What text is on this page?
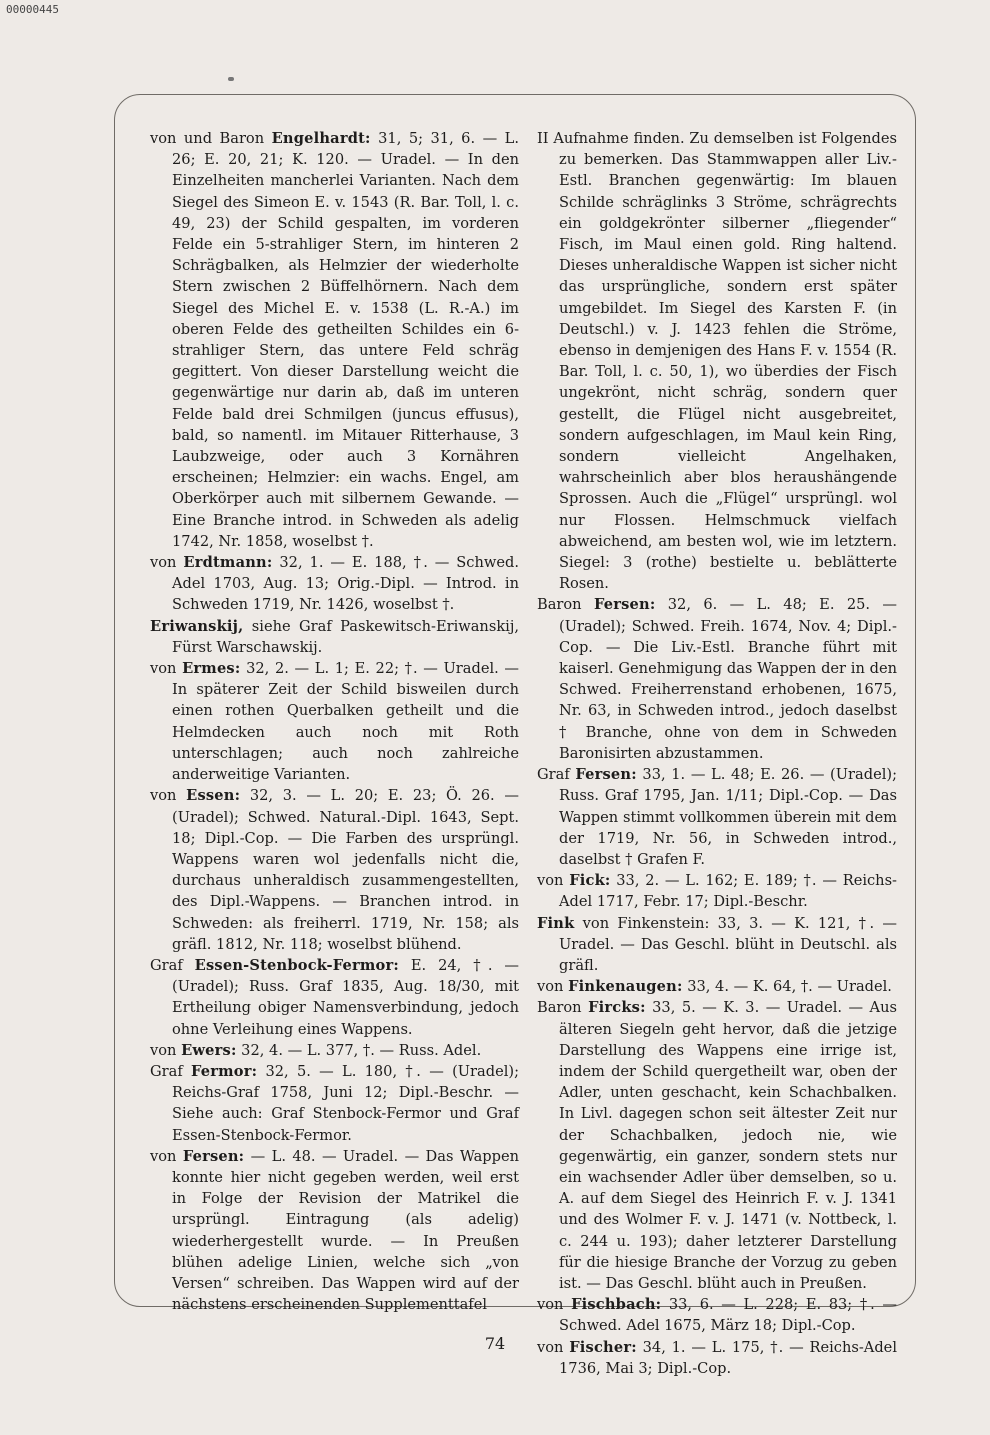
00000445

von und Baron Engelhardt: 31, 5; 31, 6. — L. 26; E. 20, 21; K. 120. — Uradel. — In den Einzelheiten mancherlei Varianten. Nach dem Siegel des Simeon E. v. 1543 (R. Bar. Toll, l. c. 49, 23) der Schild gespalten, im vorderen Felde ein 5-strahliger Stern, im hinteren 2 Schrägbalken, als Helmzier der wiederholte Stern zwischen 2 Büffelhörnern. Nach dem Siegel des Michel E. v. 1538 (L. R.-A.) im oberen Felde des getheilten Schildes ein 6-strahliger Stern, das untere Feld schräg gegittert. Von dieser Darstellung weicht die gegenwärtige nur darin ab, daß im unteren Felde bald drei Schmilgen (juncus effusus), bald, so namentl. im Mitauer Ritterhause, 3 Laubzweige, oder auch 3 Kornähren erscheinen; Helmzier: ein wachs. Engel, am Oberkörper auch mit silbernem Gewande. — Eine Branche introd. in Schweden als adelig 1742, Nr. 1858, woselbst †.

von Erdtmann: 32, 1. — E. 188, †. — Schwed. Adel 1703, Aug. 13; Orig.-Dipl. — Introd. in Schweden 1719, Nr. 1426, woselbst †.

Eriwanskij, siehe Graf Paskewitsch-Eriwanskij, Fürst Warschawskij.

von Ermes: 32, 2. — L. 1; E. 22; †. — Uradel. — In späterer Zeit der Schild bisweilen durch einen rothen Querbalken getheilt und die Helmdecken auch noch mit Roth unterschlagen; auch noch zahlreiche anderweitige Varianten.

von Essen: 32, 3. — L. 20; E. 23; Ö. 26. — (Uradel); Schwed. Natural.-Dipl. 1643, Sept. 18; Dipl.-Cop. — Die Farben des ursprüngl. Wappens waren wol jedenfalls nicht die, durchaus unheraldisch zusammengestellten, des Dipl.-Wappens. — Branchen introd. in Schweden: als freiherrl. 1719, Nr. 158; als gräfl. 1812, Nr. 118; woselbst blühend.

Graf Essen-Stenbock-Fermor: E. 24, †. — (Uradel); Russ. Graf 1835, Aug. 18/30, mit Ertheilung obiger Namensverbindung, jedoch ohne Verleihung eines Wappens.

von Ewers: 32, 4. — L. 377, †. — Russ. Adel.

Graf Fermor: 32, 5. — L. 180, †. — (Uradel); Reichs-Graf 1758, Juni 12; Dipl.-Beschr. — Siehe auch: Graf Stenbock-Fermor und Graf Essen-Stenbock-Fermor.

von Fersen: — L. 48. — Uradel. — Das Wappen konnte hier nicht gegeben werden, weil erst in Folge der Revision der Matrikel die ursprüngl. Eintragung (als adelig) wiederhergestellt wurde. — In Preußen blühen adelige Linien, welche sich „von Versen“ schreiben. Das Wappen wird auf der nächstens erscheinenden Supplementtafel

II Aufnahme finden. Zu demselben ist Folgendes zu bemerken. Das Stammwappen aller Liv.-Estl. Branchen gegenwärtig: Im blauen Schilde schräglinks 3 Ströme, schrägrechts ein goldgekrönter silberner „fliegender“ Fisch, im Maul einen gold. Ring haltend. Dieses unheraldische Wappen ist sicher nicht das ursprüngliche, sondern erst später umgebildet. Im Siegel des Karsten F. (in Deutschl.) v. J. 1423 fehlen die Ströme, ebenso in demjenigen des Hans F. v. 1554 (R. Bar. Toll, l. c. 50, 1), wo überdies der Fisch ungekrönt, nicht schräg, sondern quer gestellt, die Flügel nicht ausgebreitet, sondern aufgeschlagen, im Maul kein Ring, sondern vielleicht Angelhaken, wahrscheinlich aber blos heraushängende Sprossen. Auch die „Flügel“ ursprüngl. wol nur Flossen. Helmschmuck vielfach abweichend, am besten wol, wie im letztern. Siegel: 3 (rothe) bestielte u. beblätterte Rosen.

Baron Fersen: 32, 6. — L. 48; E. 25. — (Uradel); Schwed. Freih. 1674, Nov. 4; Dipl.-Cop. — Die Liv.-Estl. Branche führt mit kaiserl. Genehmigung das Wappen der in den Schwed. Freiherrenstand erhobenen, 1675, Nr. 63, in Schweden introd., jedoch daselbst † Branche, ohne von dem in Schweden Baronisirten abzustammen.

Graf Fersen: 33, 1. — L. 48; E. 26. — (Uradel); Russ. Graf 1795, Jan. 1/11; Dipl.-Cop. — Das Wappen stimmt vollkommen überein mit dem der 1719, Nr. 56, in Schweden introd., daselbst † Grafen F.

von Fick: 33, 2. — L. 162; E. 189; †. — Reichs-Adel 1717, Febr. 17; Dipl.-Beschr.

Fink von Finkenstein: 33, 3. — K. 121, †. — Uradel. — Das Geschl. blüht in Deutschl. als gräfl.

von Finkenaugen: 33, 4. — K. 64, †. — Uradel.

Baron Fircks: 33, 5. — K. 3. — Uradel. — Aus älteren Siegeln geht hervor, daß die jetzige Darstellung des Wappens eine irrige ist, indem der Schild quergetheilt war, oben der Adler, unten geschacht, kein Schachbalken. In Livl. dagegen schon seit ältester Zeit nur der Schachbalken, jedoch nie, wie gegenwärtig, ein ganzer, sondern stets nur ein wachsender Adler über demselben, so u. A. auf dem Siegel des Heinrich F. v. J. 1341 und des Wolmer F. v. J. 1471 (v. Nottbeck, l. c. 244 u. 193); daher letzterer Darstellung für die hiesige Branche der Vorzug zu geben ist. — Das Geschl. blüht auch in Preußen.

von Fischbach: 33, 6. — L. 228; E. 83; †. — Schwed. Adel 1675, März 18; Dipl.-Cop.

von Fischer: 34, 1. — L. 175, †. — Reichs-Adel 1736, Mai 3; Dipl.-Cop.

74
